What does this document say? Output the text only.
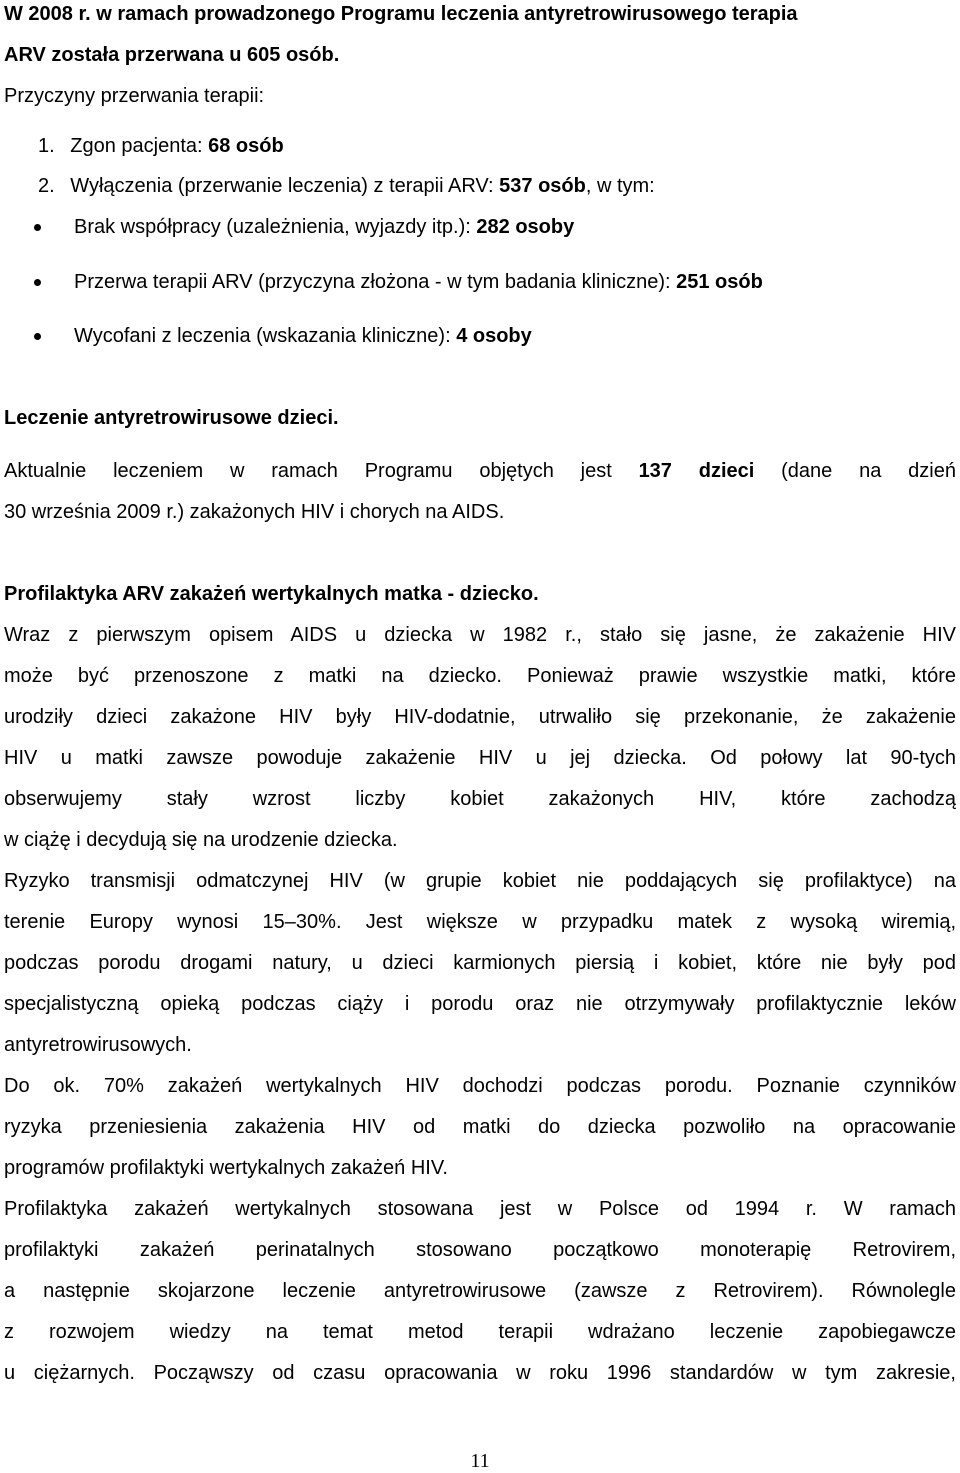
W 2008 r. w ramach prowadzonego Programu leczenia antyretrowirusowego terapia

ARV została przerwana u 605 osób.

Przyczyny przerwania terapii:

1. Zgon pacjenta: 68 osób

2. Wyłączenia (przerwanie leczenia) z terapii ARV: 537 osób, w tym:

Brak współpracy (uzależnienia, wyjazdy itp.): 282 osoby

Przerwa terapii ARV (przyczyna złożona - w tym badania kliniczne): 251 osób

Wycofani z leczenia (wskazania kliniczne): 4 osoby

Leczenie antyretrowirusowe dzieci.

Aktualnie leczeniem w ramach Programu objętych jest 137 dzieci (dane na dzień

30 września 2009 r.) zakażonych HIV i chorych na AIDS.

Profilaktyka ARV zakażeń wertykalnych matka - dziecko.

Wraz z pierwszym opisem AIDS u dziecka w 1982 r., stało się jasne, że zakażenie HIV

może być przenoszone z matki na dziecko. Ponieważ prawie wszystkie matki, które

urodziły dzieci zakażone HIV były HIV-dodatnie, utrwaliło się przekonanie, że zakażenie

HIV u matki zawsze powoduje zakażenie HIV u jej dziecka. Od połowy lat 90-tych

obserwujemy stały wzrost liczby kobiet zakażonych HIV, które zachodzą

w ciążę i decydują się na urodzenie dziecka.

Ryzyko transmisji odmatczynej HIV (w grupie kobiet nie poddających się profilaktyce) na

terenie Europy wynosi 15–30%. Jest większe w przypadku matek z wysoką wiremią,

podczas porodu drogami natury, u dzieci karmionych piersią i kobiet, które nie były pod

specjalistyczną opieką podczas ciąży i porodu oraz nie otrzymywały profilaktycznie leków

antyretrowirusowych.

Do ok. 70% zakażeń wertykalnych HIV dochodzi podczas porodu. Poznanie czynników

ryzyka przeniesienia zakażenia HIV od matki do dziecka pozwoliło na opracowanie

programów profilaktyki wertykalnych zakażeń HIV.

Profilaktyka zakażeń wertykalnych stosowana jest w Polsce od 1994 r. W ramach

profilaktyki zakażeń perinatalnych stosowano początkowo monoterapię Retrovirem,

a następnie skojarzone leczenie antyretrowirusowe (zawsze z Retrovirem). Równolegle

z rozwojem wiedzy na temat metod terapii wdrażano leczenie zapobiegawcze

u ciężarnych. Począwszy od czasu opracowania w roku 1996 standardów w tym zakresie,

11
